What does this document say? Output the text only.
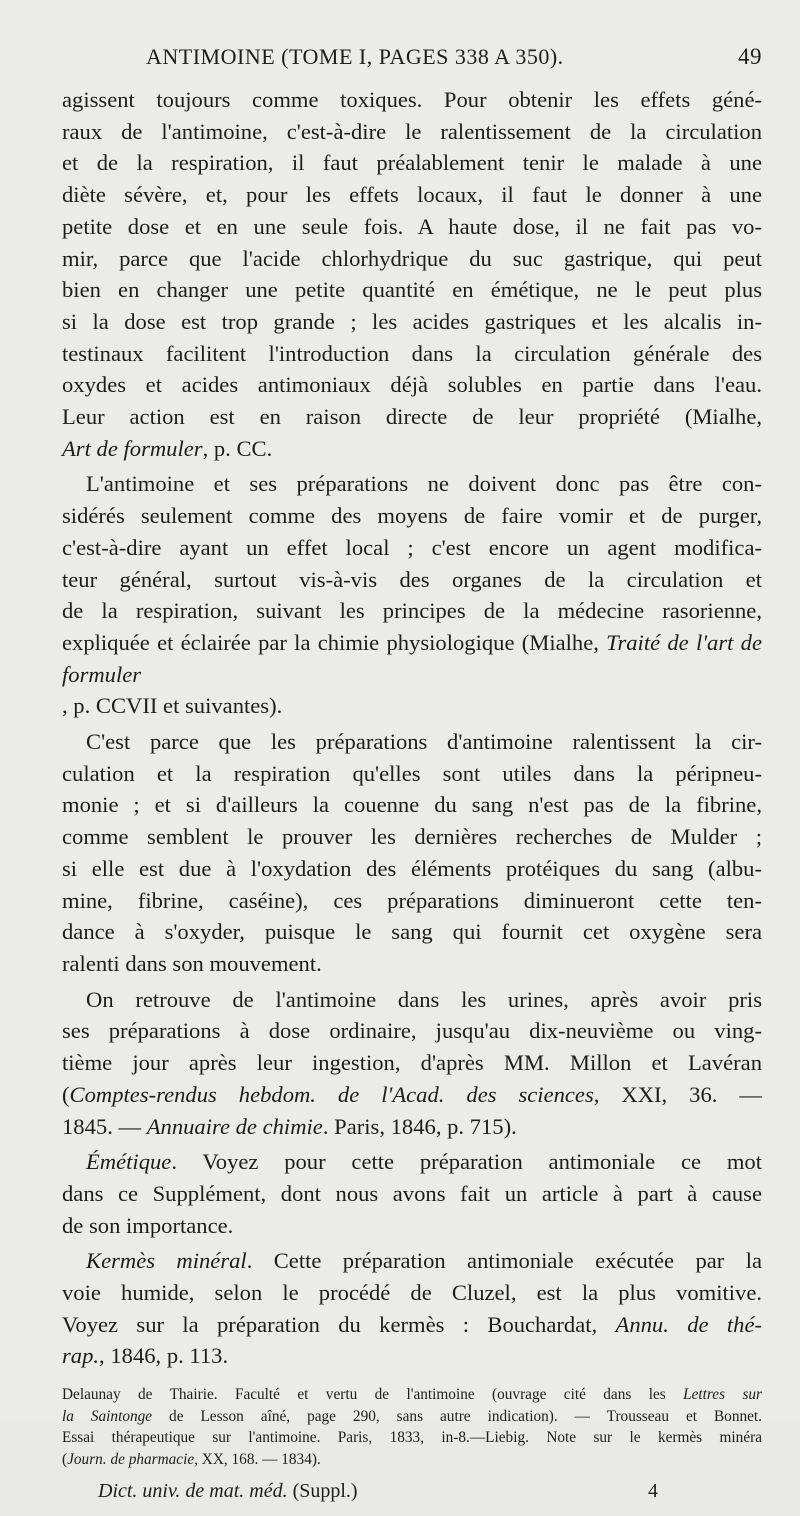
ANTIMOINE (TOME I, PAGES 338 A 350).	49

agissent toujours comme toxiques. Pour obtenir les effets géné-

raux de l'antimoine, c'est-à-dire le ralentissement de la circulation

et de la respiration, il faut préalablement tenir le malade à une

diète sévère, et, pour les effets locaux, il faut le donner à une

petite dose et en une seule fois. A haute dose, il ne fait pas vo-

mir, parce que l'acide chlorhydrique du suc gastrique, qui peut

bien en changer une petite quantité en émétique, ne le peut plus

si la dose est trop grande ; les acides gastriques et les alcalis in-

testinaux facilitent l'introduction dans la circulation générale des

oxydes et acides antimoniaux déjà solubles en partie dans l'eau.

Leur action est en raison directe de leur propriété (Mialhe,

Art de formuler, p. CC.

L'antimoine et ses préparations ne doivent donc pas être con-

sidérés seulement comme des moyens de faire vomir et de purger,

c'est-à-dire ayant un effet local ; c'est encore un agent modifica-

teur général, surtout vis-à-vis des organes de la circulation et

de la respiration, suivant les principes de la médecine rasorienne,

expliquée et éclairée par la chimie physiologique (Mialhe, Traité de l'art de formuler

, p. CCVII et suivantes).

C'est parce que les préparations d'antimoine ralentissent la cir-

culation et la respiration qu'elles sont utiles dans la péripneu-

monie ; et si d'ailleurs la couenne du sang n'est pas de la fibrine,

comme semblent le prouver les dernières recherches de Mulder ;

si elle est due à l'oxydation des éléments protéiques du sang (albu-

mine, fibrine, caséine), ces préparations diminueront cette ten-

dance à s'oxyder, puisque le sang qui fournit cet oxygène sera

ralenti dans son mouvement.

On retrouve de l'antimoine dans les urines, après avoir pris

ses préparations à dose ordinaire, jusqu'au dix-neuvième ou ving-

tième jour après leur ingestion, d'après MM. Millon et Lavéran

(Comptes-rendus hebdom. de l'Acad. des sciences, XXI, 36. —

1845. — Annuaire de chimie. Paris, 1846, p. 715).

Émétique. Voyez pour cette préparation antimoniale ce mot

dans ce Supplément, dont nous avons fait un article à part à cause

de son importance.

Kermès minéral. Cette préparation antimoniale exécutée par la

voie humide, selon le procédé de Cluzel, est la plus vomitive.

Voyez sur la préparation du kermès : Bouchardat, Annu. de thé-

rap., 1846, p. 113.

Delaunay de Thairie. Faculté et vertu de l'antimoine (ouvrage cité dans les Lettres sur

la Saintonge de Lesson aîné, page 290, sans autre indication). — Trousseau et Bonnet.

Essai thérapeutique sur l'antimoine. Paris, 1833, in-8.—Liebig. Note sur le kermès minéra

(Journ. de pharmacie, XX, 168. — 1834).

Dict. univ. de mat. méd. (Suppl.)	4
